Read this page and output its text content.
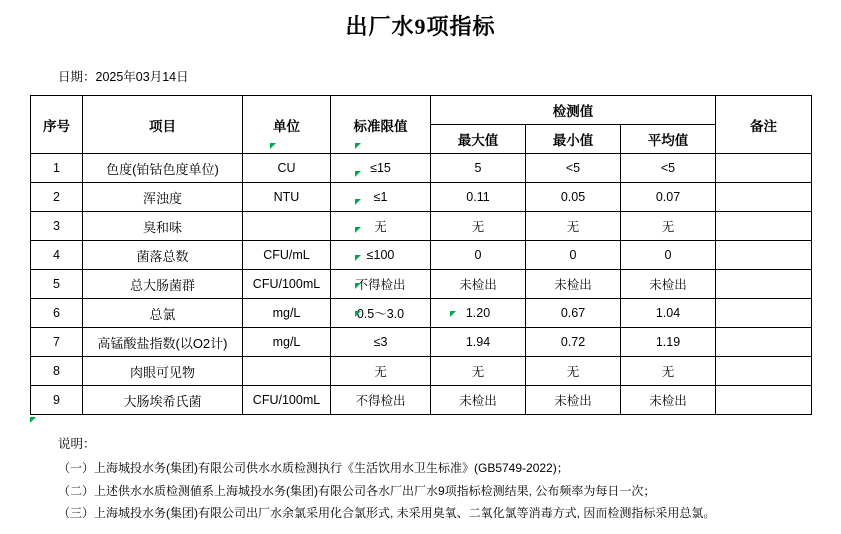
出厂水9项指标
日期：2025年03月14日
序号	项目	单位	标准限值	检测值			备注
				最大值	最小值	平均值	
1	色度(铂钴色度单位)	CU	≤15	5	<5	<5	
2	浑浊度	NTU	≤1	0.11	0.05	0.07	
3	臭和味		无	无	无	无	
4	菌落总数	CFU/mL	≤100	0	0	0	
5	总大肠菌群	CFU/100mL	不得检出	未检出	未检出	未检出	
6	总氯	mg/L	0.5～3.0	1.20	0.67	1.04	
7	高锰酸盐指数(以O2计)	mg/L	≤3	1.94	0.72	1.19	
8	肉眼可见物		无	无	无	无	
9	大肠埃希氏菌	CFU/100mL	不得检出	未检出	未检出	未检出	
说明：
（一）上海城投水务(集团)有限公司供水水质检测执行《生活饮用水卫生标准》(GB5749-2022)；
（二）上述供水水质检测値系上海城投水务(集团)有限公司各水厂出厂水9项指标检测结果, 公布频率为每日一次；
（三）上海城投水务(集团)有限公司出厂水余氯采用化合氯形式, 未采用臭氧、二氧化氯等消毒方式, 因而检测指标采用总氯。
